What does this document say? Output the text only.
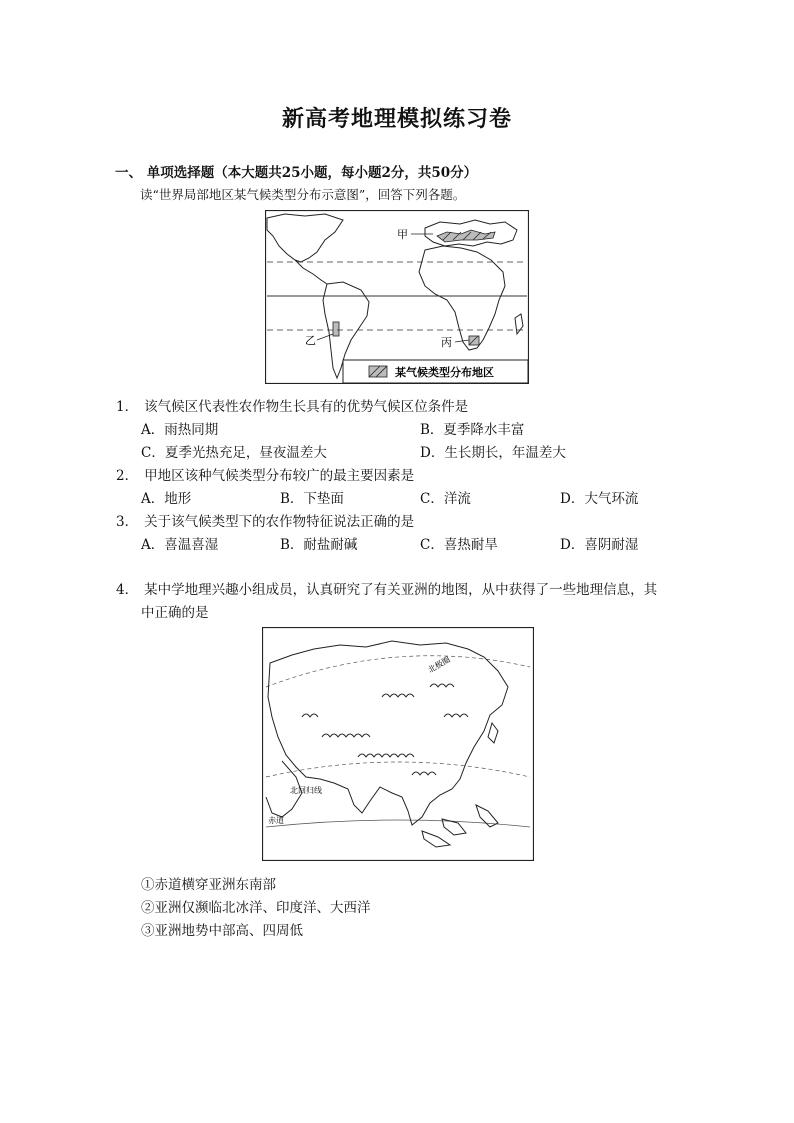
新高考地理模拟练习卷
一、 单项选择题（本大题共25小题，每小题2分，共50分）
读“世界局部地区某气候类型分布示意图”，回答下列各题。
甲
乙	丙
某气候类型分布地区
1． 该气候区代表性农作物生长具有的优势气候区位条件是
A．雨热同期	B．夏季降水丰富
C．夏季光热充足，昼夜温差大	D．生长期长，年温差大
2． 甲地区该种气候类型分布较广的最主要因素是
A．地形	B．下垫面	C．洋流	D．大气环流
3． 关于该气候类型下的农作物特征说法正确的是
A．喜温喜湿	B．耐盐耐碱	C．喜热耐旱	D．喜阴耐湿
4． 某中学地理兴趣小组成员，认真研究了有关亚洲的地图，从中获得了一些地理信息，其
中正确的是
北极圈
北回归线
赤道
①赤道横穿亚洲东南部
②亚洲仅濒临北冰洋、印度洋、大西洋
③亚洲地势中部高、四周低
